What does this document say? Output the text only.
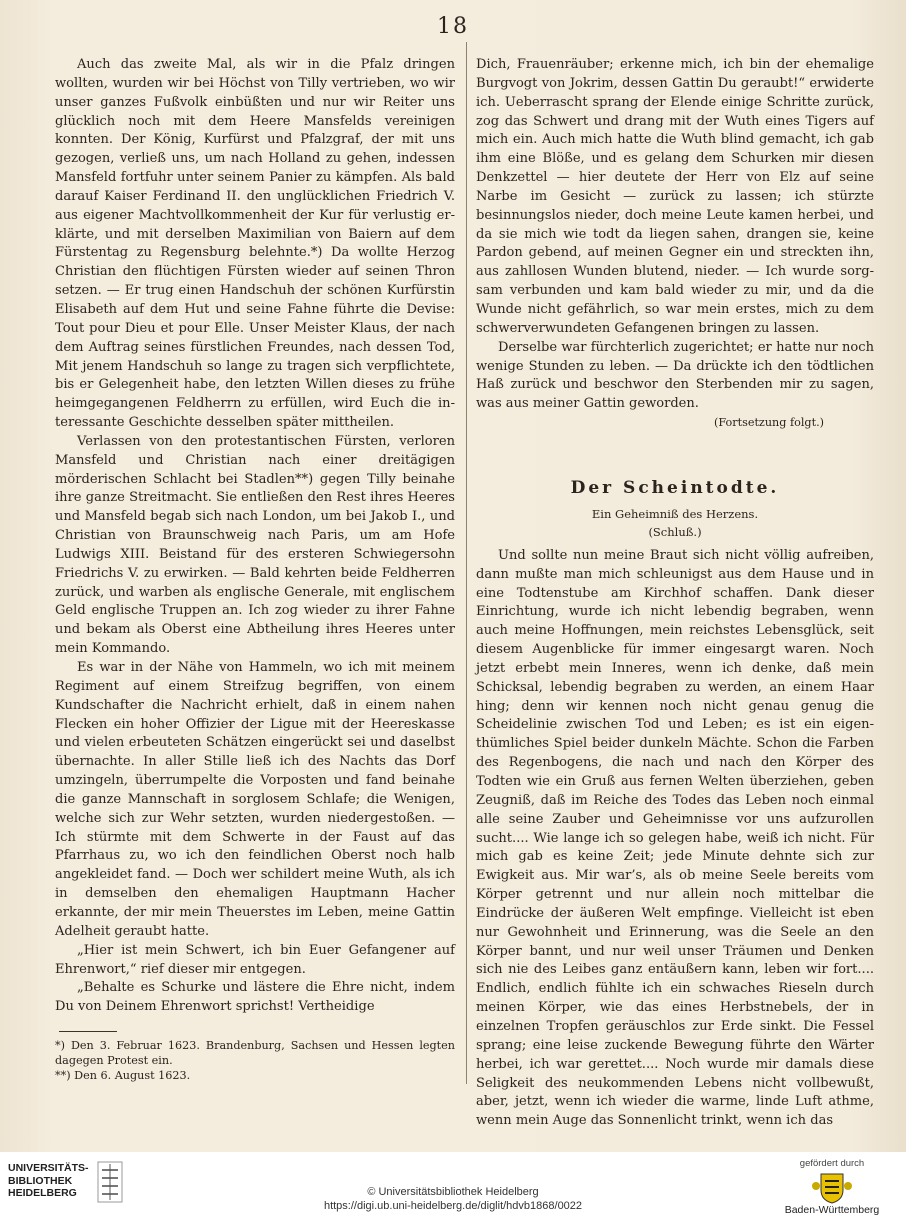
18

Auch das zweite Mal, als wir in die Pfalz dringen wollten, wurden wir bei Höchst von Tilly vertrieben, wo wir unser ganzes Fußvolk einbüßten und nur wir Reiter uns glücklich noch mit dem Heere Mansfelds vereinigen konnten. Der König, Kurfürst und Pfalzgraf, der mit uns gezogen, verließ uns, um nach Holland zu gehen, indessen Mansfeld fortfuhr unter seinem Panier zu kämpfen. Als bald darauf Kaiser Ferdinand II. den unglücklichen Friedrich V. aus eigener Machtvollkommenheit der Kur für verlustig erklärte, und mit derselben Maximilian von Baiern auf dem Fürstentag zu Regensburg belehnte.*) Da wollte Herzog Christian den flüchtigen Fürsten wieder auf seinen Thron setzen. — Er trug einen Handschuh der schönen Kurfürstin Elisabeth auf dem Hut und seine Fahne führte die Devise: Tout pour Dieu et pour Elle. Unser Meister Klaus, der nach dem Auftrag seines fürstlichen Freundes, nach dessen Tod, Mit jenem Handschuh so lange zu tragen sich verpflichtete, bis er Gelegenheit habe, den letzten Willen dieses zu frühe heimgegangenen Feldherrn zu erfüllen, wird Euch die interessante Geschichte desselben später mittheilen.

Verlassen von den protestantischen Fürsten, verloren Mansfeld und Christian nach einer dreitägigen mörderischen Schlacht bei Stadlen**) gegen Tilly beinahe ihre ganze Streitmacht. Sie entließen den Rest ihres Heeres und Mansfeld begab sich nach London, um bei Jakob I., und Christian von Braunschweig nach Paris, um am Hofe Ludwigs XIII. Beistand für des ersteren Schwiegersohn Friedrichs V. zu erwirken. — Bald kehrten beide Feldherren zurück, und warben als englische Generale, mit englischem Geld englische Truppen an. Ich zog wieder zu ihrer Fahne und bekam als Oberst eine Abtheilung ihres Heeres unter mein Kommando.

Es war in der Nähe von Hammeln, wo ich mit meinem Regiment auf einem Streifzug begriffen, von einem Kundschafter die Nachricht erhielt, daß in einem nahen Flecken ein hoher Offizier der Ligue mit der Heereskasse und vielen erbeuteten Schätzen eingerückt sei und daselbst übernachte. In aller Stille ließ ich des Nachts das Dorf umzingeln, überrumpelte die Vorposten und fand beinahe die ganze Mannschaft in sorglosem Schlafe; die Wenigen, welche sich zur Wehr setzten, wurden niedergestoßen. — Ich stürmte mit dem Schwerte in der Faust auf das Pfarrhaus zu, wo ich den feindlichen Oberst noch halb angekleidet fand. — Doch wer schildert meine Wuth, als ich in demselben den ehemaligen Hauptmann Hacher erkannte, der mir mein Theuerstes im Leben, meine Gattin Adelheit geraubt hatte.

„Hier ist mein Schwert, ich bin Euer Gefangener auf Ehrenwort,“ rief dieser mir entgegen.

„Behalte es Schurke und lästere die Ehre nicht, indem Du von Deinem Ehrenwort sprichst! Vertheidige

*) Den 3. Februar 1623. Brandenburg, Sachsen und Hessen legten dagegen Protest ein.
**) Den 6. August 1623.

Dich, Frauenräuber; erkenne mich, ich bin der ehemalige Burgvogt von Jokrim, dessen Gattin Du geraubt!“ erwiderte ich. Ueberrascht sprang der Elende einige Schritte zurück, zog das Schwert und drang mit der Wuth eines Tigers auf mich ein. Auch mich hatte die Wuth blind gemacht, ich gab ihm eine Blöße, und es gelang dem Schurken mir diesen Denkzettel — hier deutete der Herr von Elz auf seine Narbe im Gesicht — zurück zu lassen; ich stürzte besinnungslos nieder, doch meine Leute kamen herbei, und da sie mich wie todt da liegen sahen, drangen sie, keine Pardon gebend, auf meinen Gegner ein und streckten ihn, aus zahllosen Wunden blutend, nieder. — Ich wurde sorgsam verbunden und kam bald wieder zu mir, und da die Wunde nicht gefährlich, so war mein erstes, mich zu dem schwerverwundeten Gefangenen bringen zu lassen.

Derselbe war fürchterlich zugerichtet; er hatte nur noch wenige Stunden zu leben. — Da drückte ich den tödtlichen Haß zurück und beschwor den Sterbenden mir zu sagen, was aus meiner Gattin geworden.

(Fortsetzung folgt.)
Der Scheintodte.
Ein Geheimniß des Herzens.
(Schluß.)

Und sollte nun meine Braut sich nicht völlig aufreiben, dann mußte man mich schleunigst aus dem Hause und in eine Todtenstube am Kirchhof schaffen. Dank dieser Einrichtung, wurde ich nicht lebendig begraben, wenn auch meine Hoffnungen, mein reichstes Lebensglück, seit diesem Augenblicke für immer eingesargt waren. Noch jetzt erbebt mein Inneres, wenn ich denke, daß mein Schicksal, lebendig begraben zu werden, an einem Haar hing; denn wir kennen noch nicht genau genug die Scheidelinie zwischen Tod und Leben; es ist ein eigenthümliches Spiel beider dunkeln Mächte. Schon die Farben des Regenbogens, die nach und nach den Körper des Todten wie ein Gruß aus fernen Welten überziehen, geben Zeugniß, daß im Reiche des Todes das Leben noch einmal alle seine Zauber und Geheimnisse vor uns aufzurollen sucht.... Wie lange ich so gelegen habe, weiß ich nicht. Für mich gab es keine Zeit; jede Minute dehnte sich zur Ewigkeit aus. Mir war’s, als ob meine Seele bereits vom Körper getrennt und nur allein noch mittelbar die Eindrücke der äußeren Welt empfinge. Vielleicht ist eben nur Gewohnheit und Erinnerung, was die Seele an den Körper bannt, und nur weil unser Träumen und Denken sich nie des Leibes ganz entäußern kann, leben wir fort.... Endlich, endlich fühlte ich ein schwaches Rieseln durch meinen Körper, wie das eines Herbstnebels, der in einzelnen Tropfen geräuschlos zur Erde sinkt. Die Fessel sprang; eine leise zuckende Bewegung führte den Wärter herbei, ich war gerettet.... Noch wurde mir damals diese Seligkeit des neukommenden Lebens nicht vollbewußt, aber, jetzt, wenn ich wieder die warme, linde Luft athme, wenn mein Auge das Sonnenlicht trinkt, wenn ich das

UNIVERSITÄTS-
BIBLIOTHEK
HEIDELBERG	© Universitätsbibliothek Heidelberg
https://digi.ub.uni-heidelberg.de/diglit/hdvb1868/0022
gefördert durch
Baden-Württemberg
